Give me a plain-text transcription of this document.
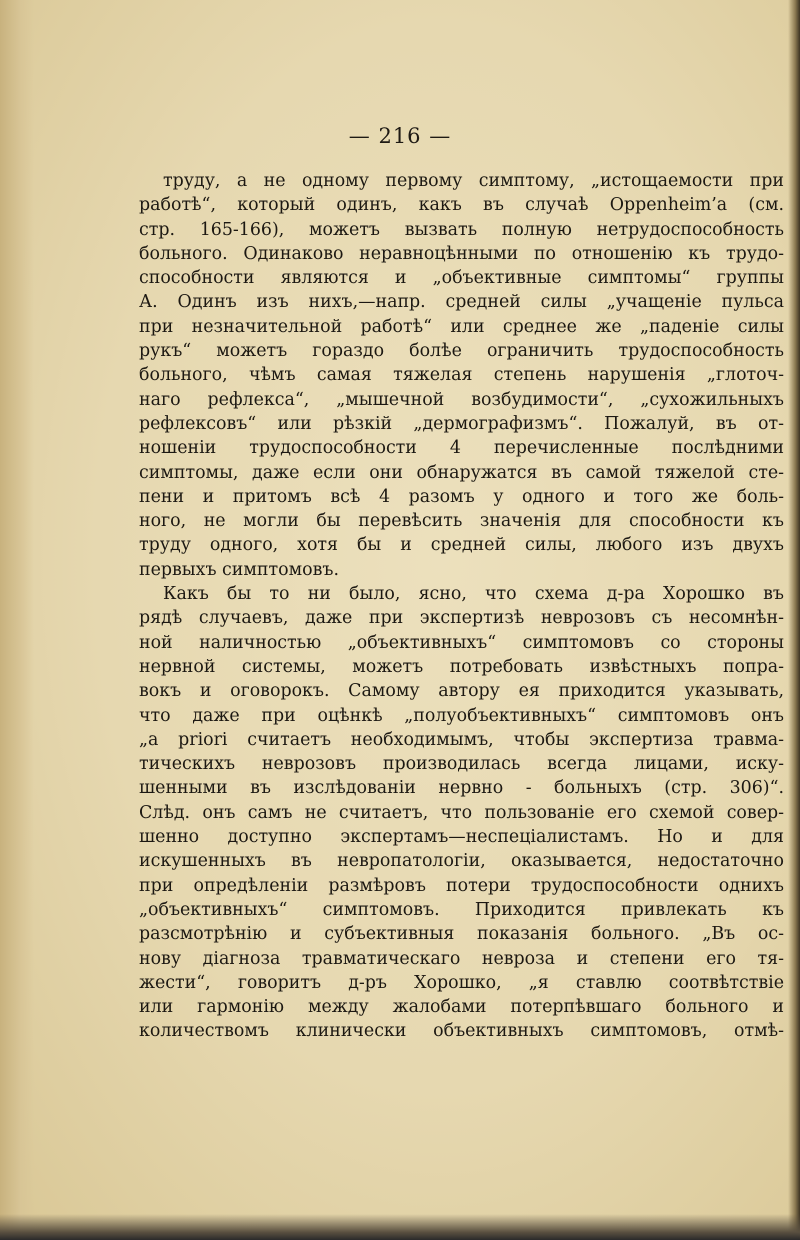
— 216 —
труду, а не одному первому симптому, „истощаемости при
работѣ“, который одинъ, какъ въ случаѣ Oppenheim’а (см.
стр. 165-166), можетъ вызвать полную нетрудоспособность
больного. Одинаково неравноцѣнными по отношенію къ трудо-
способности являются и „объективные симптомы“ группы
А. Одинъ изъ нихъ,—напр. средней силы „учащеніе пульса
при незначительной работѣ“ или среднее же „паденіе силы
рукъ“ можетъ гораздо болѣе ограничить трудоспособность
больного, чѣмъ самая тяжелая степень нарушенія „глоточ-
наго рефлекса“, „мышечной возбудимости“, „сухожильныхъ
рефлексовъ“ или рѣзкій „дермографизмъ“. Пожалуй, въ от-
ношеніи трудоспособности 4 перечисленные послѣдними
симптомы, даже если они обнаружатся въ самой тяжелой сте-
пени и притомъ всѣ 4 разомъ у одного и того же боль-
ного, не могли бы перевѣсить значенія для способности къ
труду одного, хотя бы и средней силы, любого изъ двухъ
первыхъ симптомовъ.
Какъ бы то ни было, ясно, что схема д-ра Хорошко въ
рядѣ случаевъ, даже при экспертизѣ неврозовъ съ несомнѣн-
ной наличностью „объективныхъ“ симптомовъ со стороны
нервной системы, можетъ потребовать извѣстныхъ попра-
вокъ и оговорокъ. Самому автору ея приходится указывать,
что даже при оцѣнкѣ „полуобъективныхъ“ симптомовъ онъ
„a priori считаетъ необходимымъ, чтобы экспертиза травма-
тическихъ неврозовъ производилась всегда лицами, иску-
шенными въ изслѣдованіи нервно - больныхъ (стр. 306)“.
Слѣд. онъ самъ не считаетъ, что пользованіе его схемой совер-
шенно доступно экспертамъ—неспеціалистамъ. Но и для
искушенныхъ въ невропатологіи, оказывается, недостаточно
при опредѣленіи размѣровъ потери трудоспособности однихъ
„объективныхъ“ симптомовъ. Приходится привлекать къ
разсмотрѣнію и субъективныя показанія больного. „Въ ос-
нову діагноза травматическаго невроза и степени его тя-
жести“, говоритъ д-ръ Хорошко, „я ставлю соотвѣтствіе
или гармонію между жалобами потерпѣвшаго больного и
количествомъ клинически объективныхъ симптомовъ, отмѣ-
